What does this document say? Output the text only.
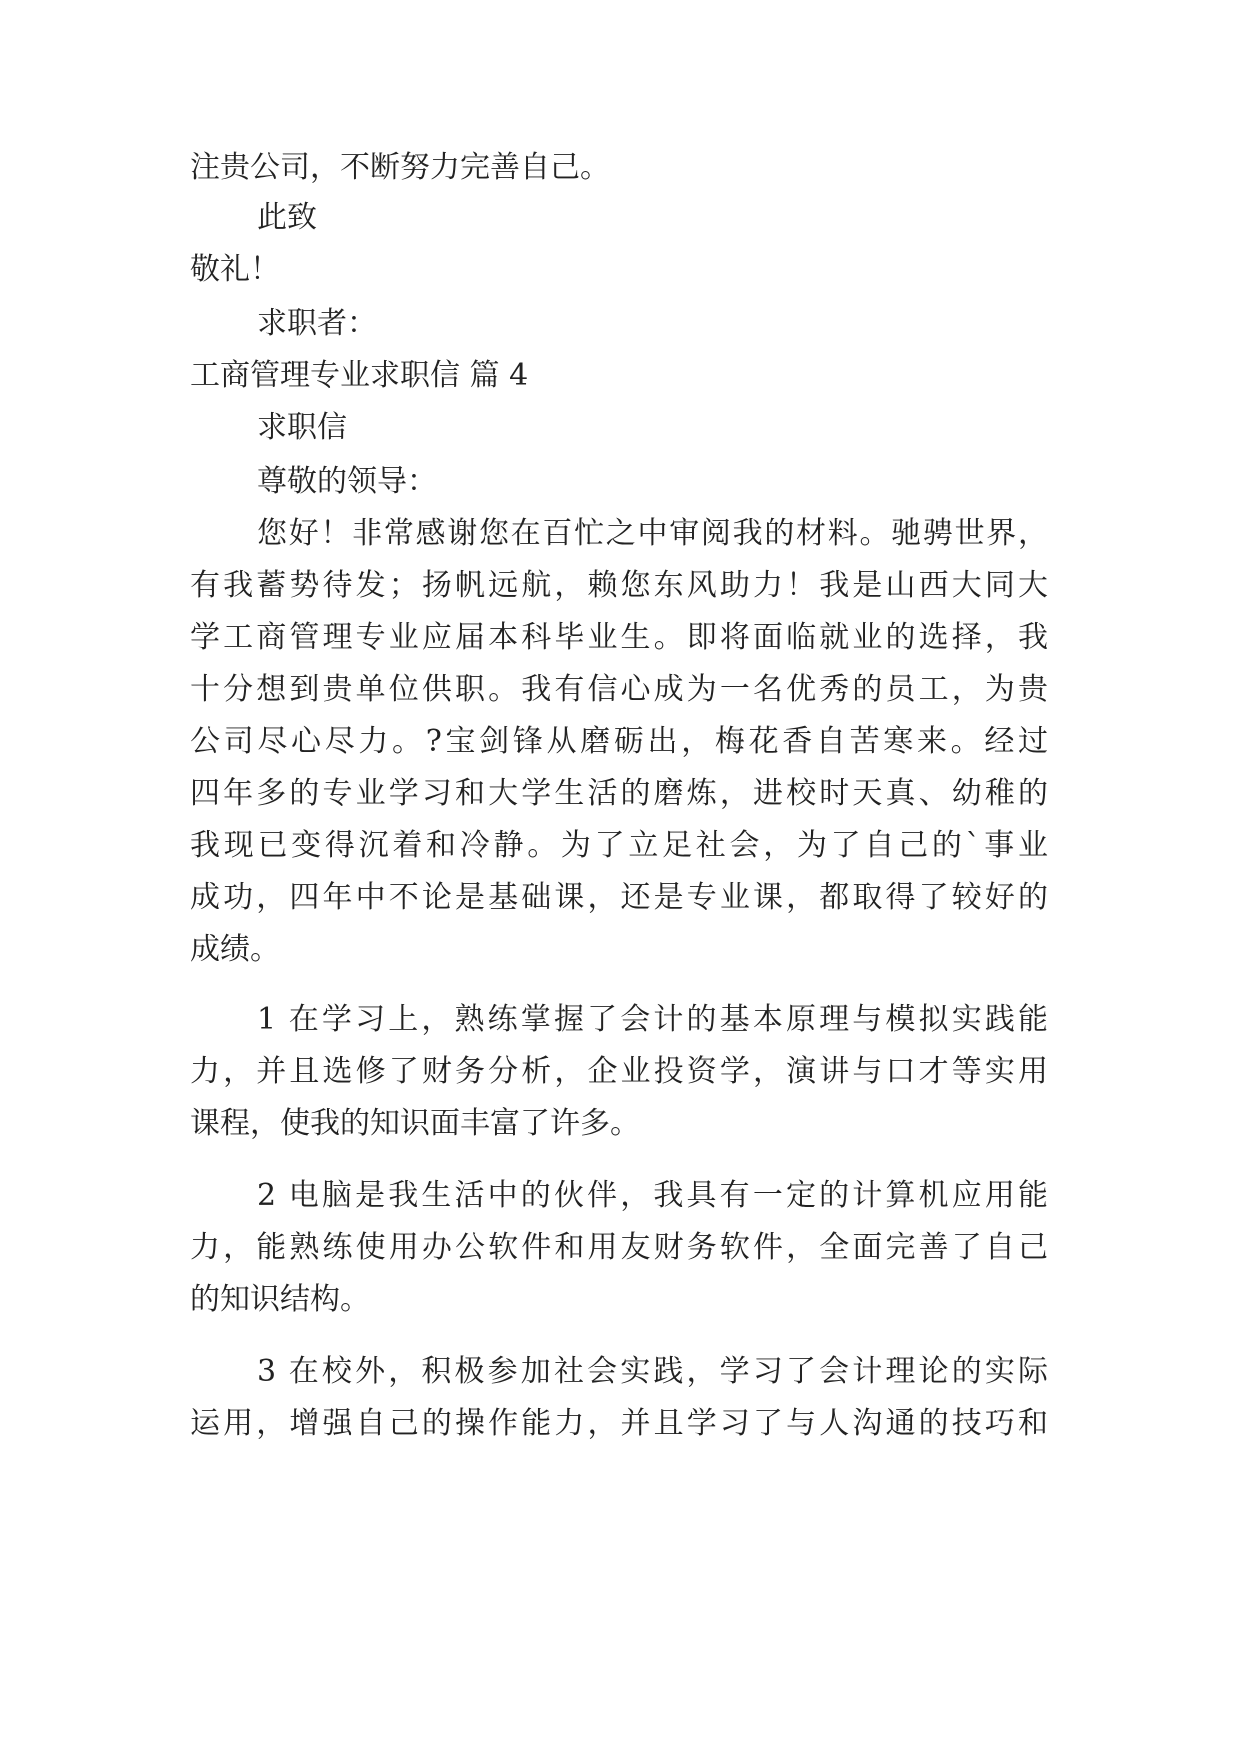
注贵公司，不断努力完善自己。
此致
敬礼！
求职者：
工商管理专业求职信 篇 4
求职信
尊敬的领导：
您好！非常感谢您在百忙之中审阅我的材料。驰骋世界，
有我蓄势待发；扬帆远航，赖您东风助力！我是山西大同大
学工商管理专业应届本科毕业生。即将面临就业的选择，我
十分想到贵单位供职。我有信心成为一名优秀的员工，为贵
公司尽心尽力。?宝剑锋从磨砺出，梅花香自苦寒来。经过
四年多的专业学习和大学生活的磨炼，进校时天真、幼稚的
我现已变得沉着和冷静。为了立足社会，为了自己的`事业
成功，四年中不论是基础课，还是专业课，都取得了较好的
成绩。
1 在学习上，熟练掌握了会计的基本原理与模拟实践能
力，并且选修了财务分析，企业投资学，演讲与口才等实用
课程，使我的知识面丰富了许多。
2 电脑是我生活中的伙伴，我具有一定的计算机应用能
力，能熟练使用办公软件和用友财务软件，全面完善了自己
的知识结构。
3 在校外，积极参加社会实践，学习了会计理论的实际
运用，增强自己的操作能力，并且学习了与人沟通的技巧和
